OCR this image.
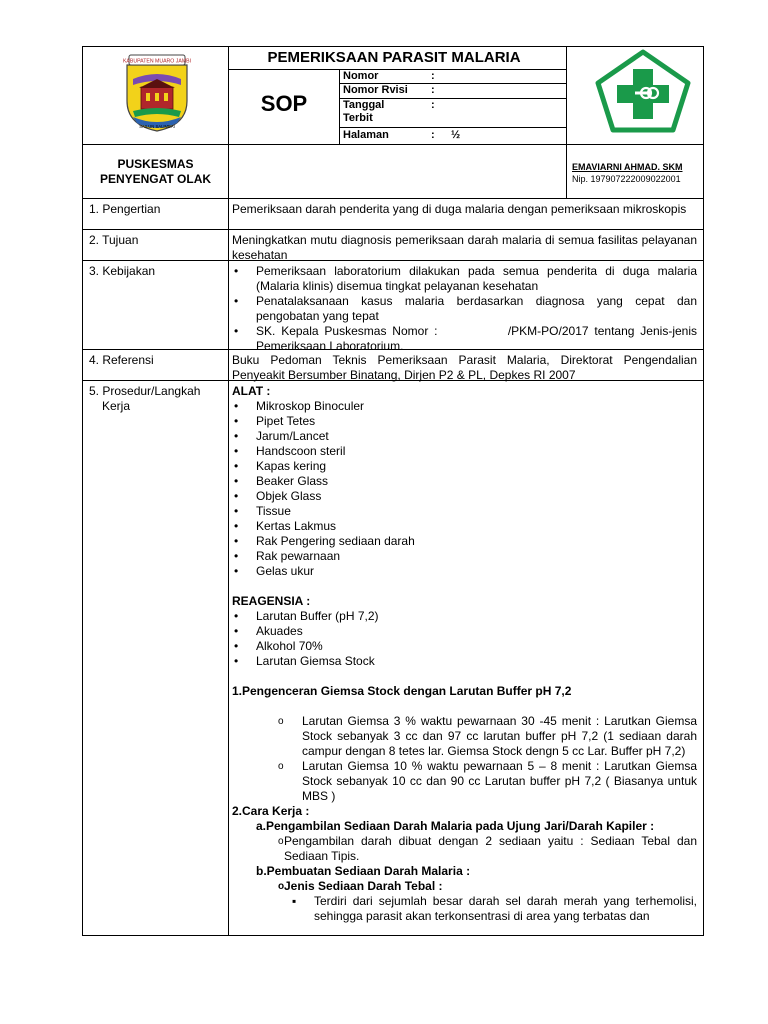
KABUPATEN MUARO JAMBI
SAILUN SALIMBAI
PEMERIKSAAN PARASIT MALARIA
SOP
Nomor	:
Nomor Rvisi :
Tanggal	:
Terbit
Halaman	: ½
PUSKESMAS
PENYENGAT OLAK
EMAVIARNI AHMAD. SKM
Nip. 197907222009022001
1. Pengertian	Pemeriksaan darah penderita yang di duga malaria dengan pemeriksaan mikroskopis
2. Tujuan	Meningkatkan mutu diagnosis pemeriksaan darah malaria di semua fasilitas pelayanan kesehatan
3. Kebijakan
•	Pemeriksaan laboratorium dilakukan pada semua penderita di duga malaria (Malaria klinis) disemua tingkat pelayanan kesehatan
• Penatalaksanaan kasus malaria berdasarkan diagnosa yang cepat dan pengobatan yang tepat
• SK. Kepala Puskesmas Nomor :            /PKM-PO/2017 tentang Jenis-jenis Pemeriksaan Laboratorium.
4. Referensi	Buku Pedoman Teknis Pemeriksaan Parasit Malaria, Direktorat Pengendalian Penyeakit Bersumber Binatang, Dirjen P2 & PL, Depkes RI 2007
5. Prosedur/Langkah
Kerja

ALAT :

• Mikroskop Binoculer
• Pipet Tetes
• Jarum/Lancet
• Handscoon steril
• Kapas kering
• Beaker Glass
• Objek Glass
• Tissue
• Kertas Lakmus
• Rak Pengering sediaan darah
• Rak pewarnaan
• Gelas ukur

REAGENSIA :

• Larutan Buffer (pH 7,2)
• Akuades
• Alkohol 70%
• Larutan Giemsa Stock

1.Pengenceran Giemsa Stock dengan Larutan Buffer pH 7,2

o Larutan Giemsa 3 % waktu pewarnaan 30 -45 menit : Larutkan Giemsa Stock sebanyak 3 cc dan 97 cc larutan buffer pH 7,2 (1 sediaan darah campur dengan 8 tetes lar. Giemsa Stock dengn 5 cc Lar. Buffer pH 7,2)
o Larutan Giemsa 10 % waktu pewarnaan 5 – 8 menit : Larutkan Giemsa Stock sebanyak 10 cc dan 90 cc Larutan buffer pH 7,2 ( Biasanya untuk MBS )

2.Cara Kerja :

a.Pengambilan Sediaan Darah Malaria pada Ujung Jari/Darah Kapiler :

o Pengambilan darah dibuat dengan 2 sediaan yaitu : Sediaan Tebal dan Sediaan Tipis.

b.Pembuatan Sediaan Darah Malaria :

o Jenis Sediaan Darah Tebal :
▪ Terdiri dari sejumlah besar darah sel darah merah yang terhemolisi, sehingga parasit akan terkonsentrasi di area yang terbatas dan
